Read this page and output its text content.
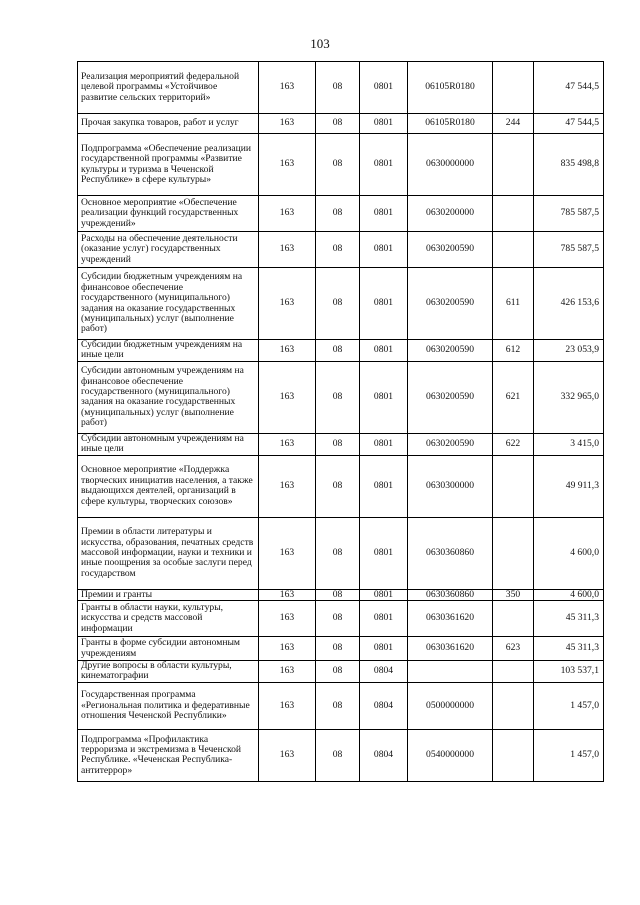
103
Реализация мероприятий федеральной целевой программы «Устойчивое развитие сельских территорий»	163	08	0801	06105R0180		47 544,5
Прочая закупка товаров, работ и услуг	163	08	0801	06105R0180	244	47 544,5
Подпрограмма «Обеспечение реализации государственной программы «Развитие культуры и туризма в Чеченской Республике» в сфере культуры»	163	08	0801	0630000000		835 498,8
Основное мероприятие «Обеспечение реализации функций государственных учреждений»	163	08	0801	0630200000		785 587,5
Расходы на обеспечение деятельности (оказание услуг) государственных учреждений	163	08	0801	0630200590		785 587,5
Субсидии бюджетным учреждениям на финансовое обеспечение государственного (муниципального) задания на оказание государственных (муниципальных) услуг (выполнение работ)	163	08	0801	0630200590	611	426 153,6
Субсидии бюджетным учреждениям на иные цели	163	08	0801	0630200590	612	23 053,9
Субсидии автономным учреждениям на финансовое обеспечение государственного (муниципального) задания на оказание государственных (муниципальных) услуг (выполнение работ)	163	08	0801	0630200590	621	332 965,0
Субсидии автономным учреждениям на иные цели	163	08	0801	0630200590	622	3 415,0
Основное мероприятие «Поддержка творческих инициатив населения, а также выдающихся деятелей, организаций в сфере культуры, творческих союзов»	163	08	0801	0630300000		49 911,3
Премии в области литературы и искусства, образования, печатных средств массовой информации, науки и техники и иные поощрения за особые заслуги перед государством	163	08	0801	0630360860		4 600,0
Премии и гранты	163	08	0801	0630360860	350	4 600,0
Гранты в области науки, культуры, искусства и средств массовой информации	163	08	0801	0630361620		45 311,3
Гранты в форме субсидии автономным учреждениям	163	08	0801	0630361620	623	45 311,3
Другие вопросы в области культуры, кинематографии	163	08	0804			103 537,1
Государственная программа «Региональная политика и федеративные отношения Чеченской Республики»	163	08	0804	0500000000		1 457,0
Подпрограмма «Профилактика терроризма и экстремизма в Чеченской Республике. «Чеченская Республика-антитеррор»	163	08	0804	0540000000		1 457,0
